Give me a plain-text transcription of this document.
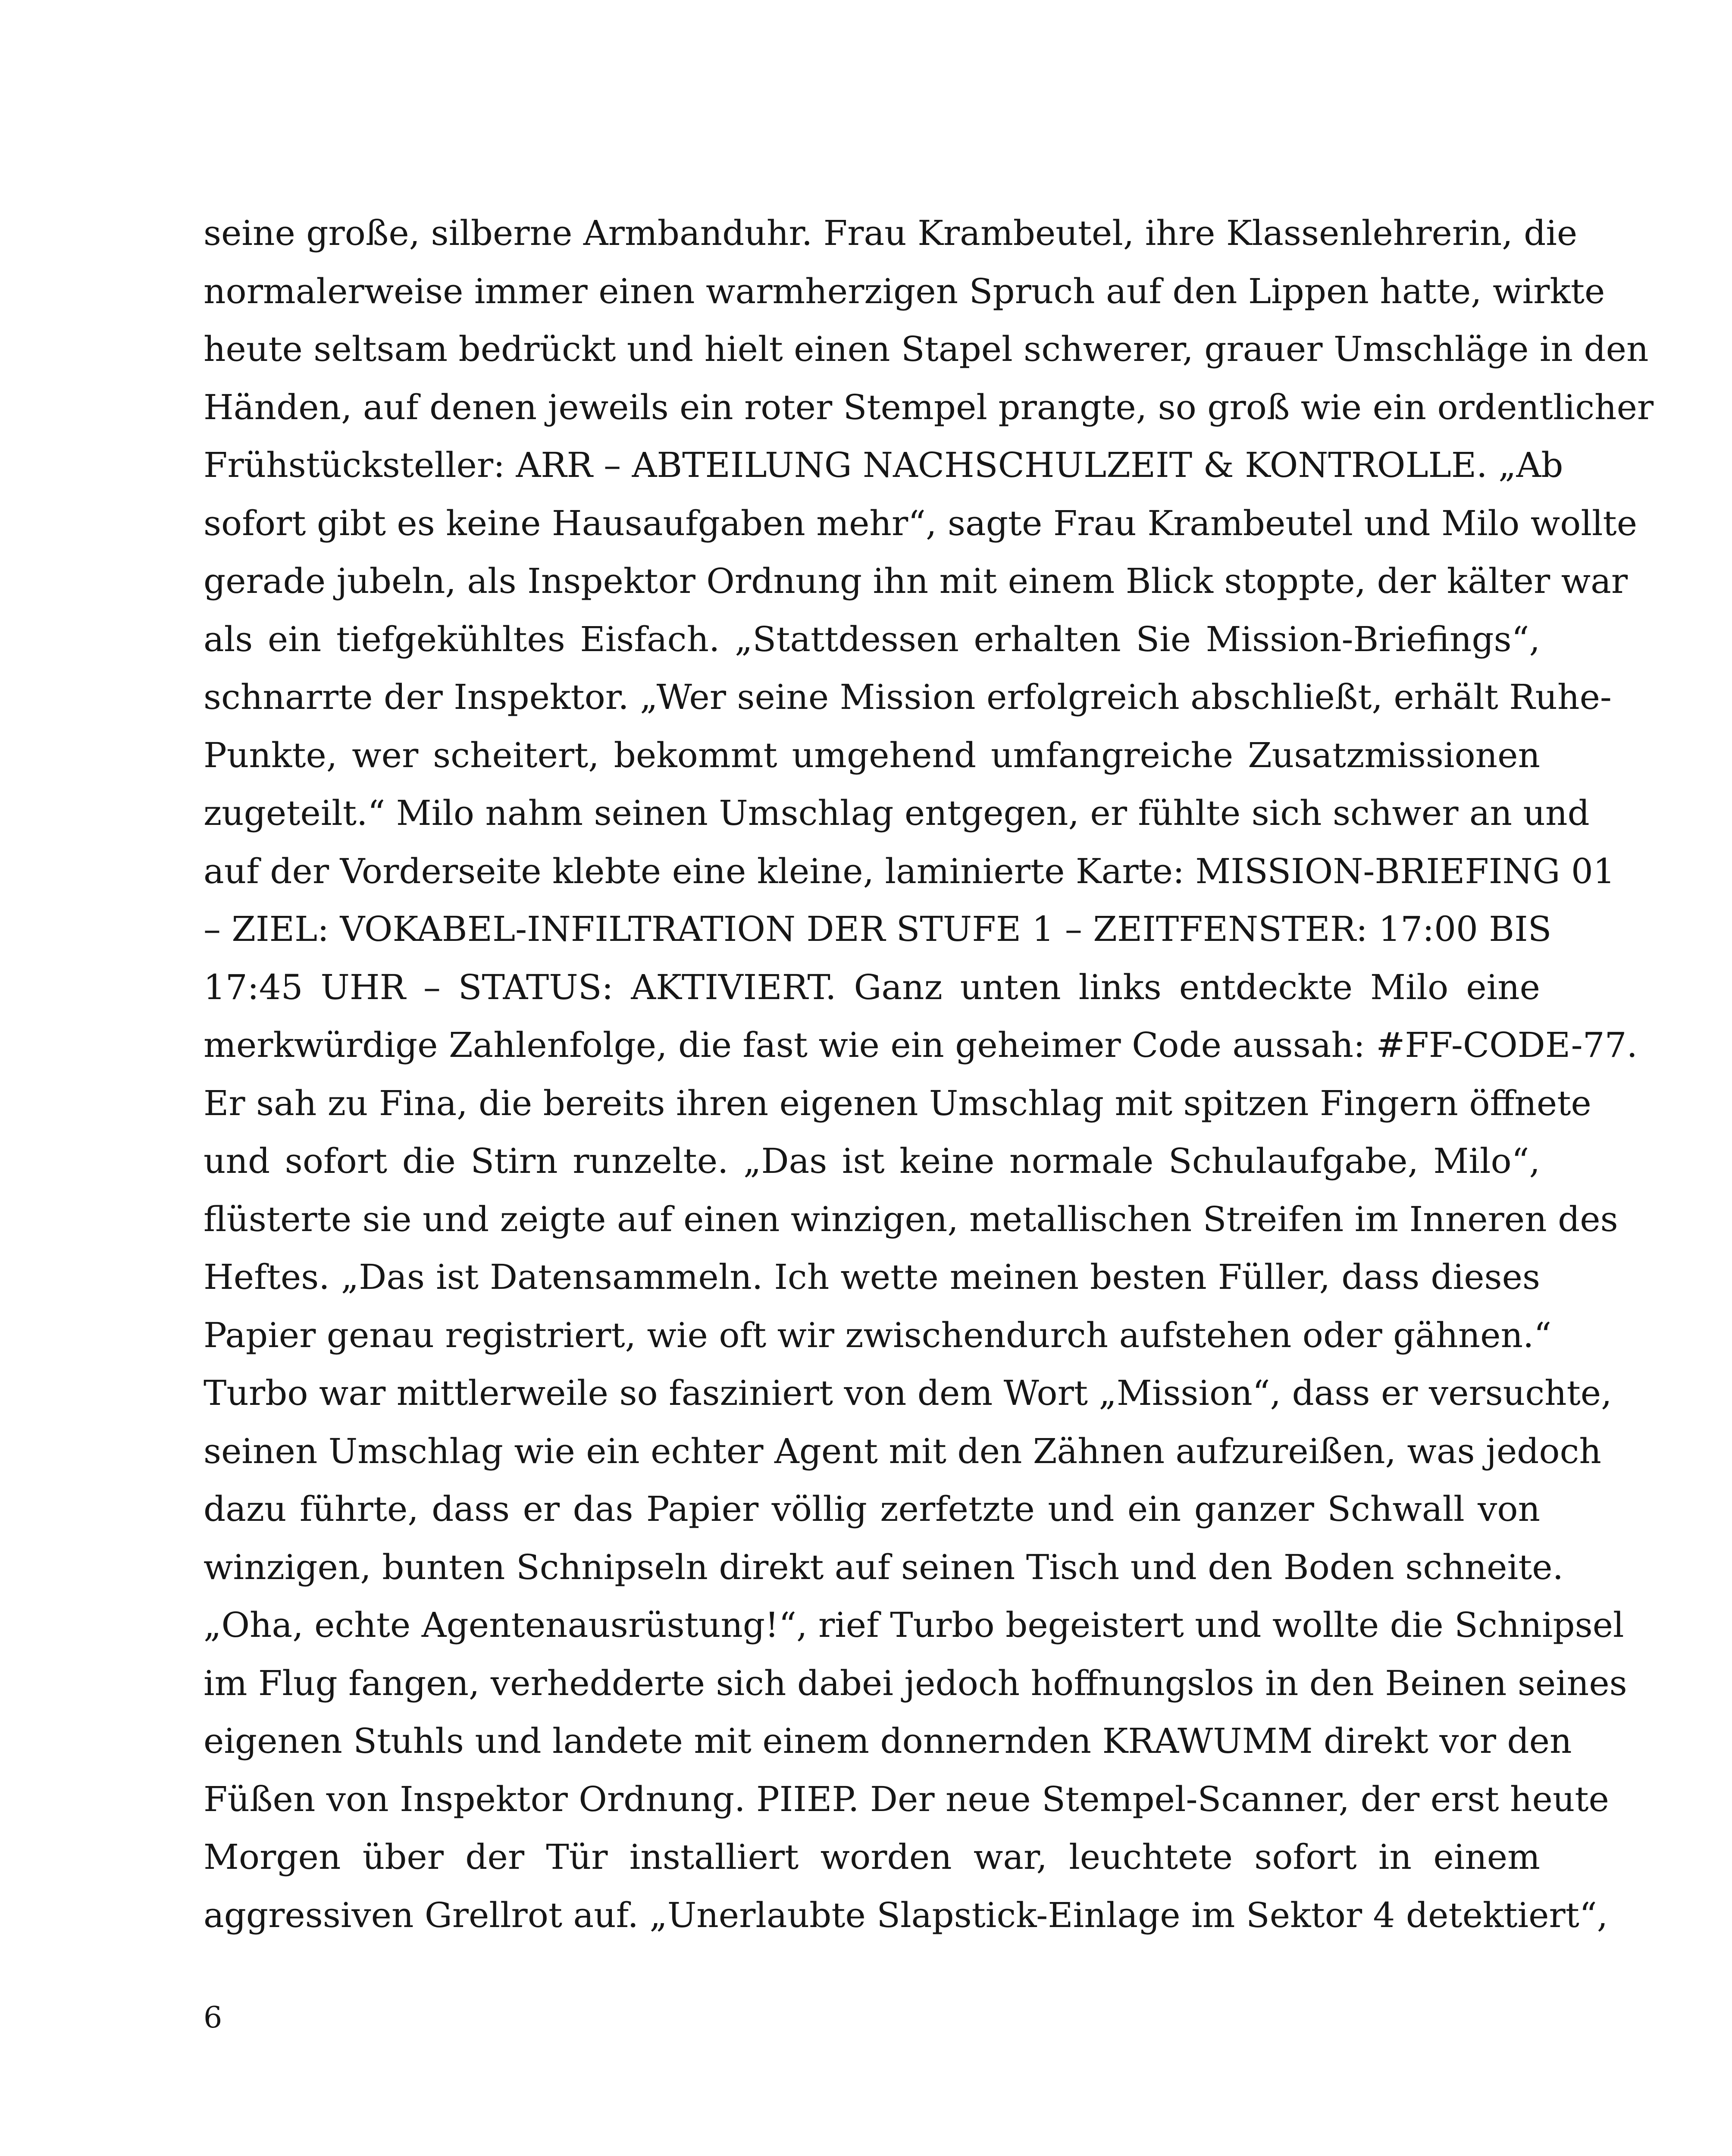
seine große, silberne Armbanduhr. Frau Krambeutel, ihre Klassenlehrerin, die
normalerweise immer einen warmherzigen Spruch auf den Lippen hatte, wirkte
heute seltsam bedrückt und hielt einen Stapel schwerer, grauer Umschläge in den
Händen, auf denen jeweils ein roter Stempel prangte, so groß wie ein ordentlicher
Frühstücksteller: ARR – ABTEILUNG NACHSCHULZEIT & KONTROLLE. „Ab
sofort gibt es keine Hausaufgaben mehr“, sagte Frau Krambeutel und Milo wollte
gerade jubeln, als Inspektor Ordnung ihn mit einem Blick stoppte, der kälter war
als ein tiefgekühltes Eisfach. „Stattdessen erhalten Sie Mission-Briefings“,
schnarrte der Inspektor. „Wer seine Mission erfolgreich abschließt, erhält Ruhe-
Punkte, wer scheitert, bekommt umgehend umfangreiche Zusatzmissionen
zugeteilt.“ Milo nahm seinen Umschlag entgegen, er fühlte sich schwer an und
auf der Vorderseite klebte eine kleine, laminierte Karte: MISSION-BRIEFING 01
– ZIEL: VOKABEL-INFILTRATION DER STUFE 1 – ZEITFENSTER: 17:00 BIS
17:45 UHR – STATUS: AKTIVIERT. Ganz unten links entdeckte Milo eine
merkwürdige Zahlenfolge, die fast wie ein geheimer Code aussah: #FF-CODE-77.
Er sah zu Fina, die bereits ihren eigenen Umschlag mit spitzen Fingern öffnete
und sofort die Stirn runzelte. „Das ist keine normale Schulaufgabe, Milo“,
flüsterte sie und zeigte auf einen winzigen, metallischen Streifen im Inneren des
Heftes. „Das ist Datensammeln. Ich wette meinen besten Füller, dass dieses
Papier genau registriert, wie oft wir zwischendurch aufstehen oder gähnen.“
Turbo war mittlerweile so fasziniert von dem Wort „Mission“, dass er versuchte,
seinen Umschlag wie ein echter Agent mit den Zähnen aufzureißen, was jedoch
dazu führte, dass er das Papier völlig zerfetzte und ein ganzer Schwall von
winzigen, bunten Schnipseln direkt auf seinen Tisch und den Boden schneite.
„Oha, echte Agentenausrüstung!“, rief Turbo begeistert und wollte die Schnipsel
im Flug fangen, verhedderte sich dabei jedoch hoffnungslos in den Beinen seines
eigenen Stuhls und landete mit einem donnernden KRAWUMM direkt vor den
Füßen von Inspektor Ordnung. PIIEP. Der neue Stempel-Scanner, der erst heute
Morgen über der Tür installiert worden war, leuchtete sofort in einem
aggressiven Grellrot auf. „Unerlaubte Slapstick-Einlage im Sektor 4 detektiert“,
6
